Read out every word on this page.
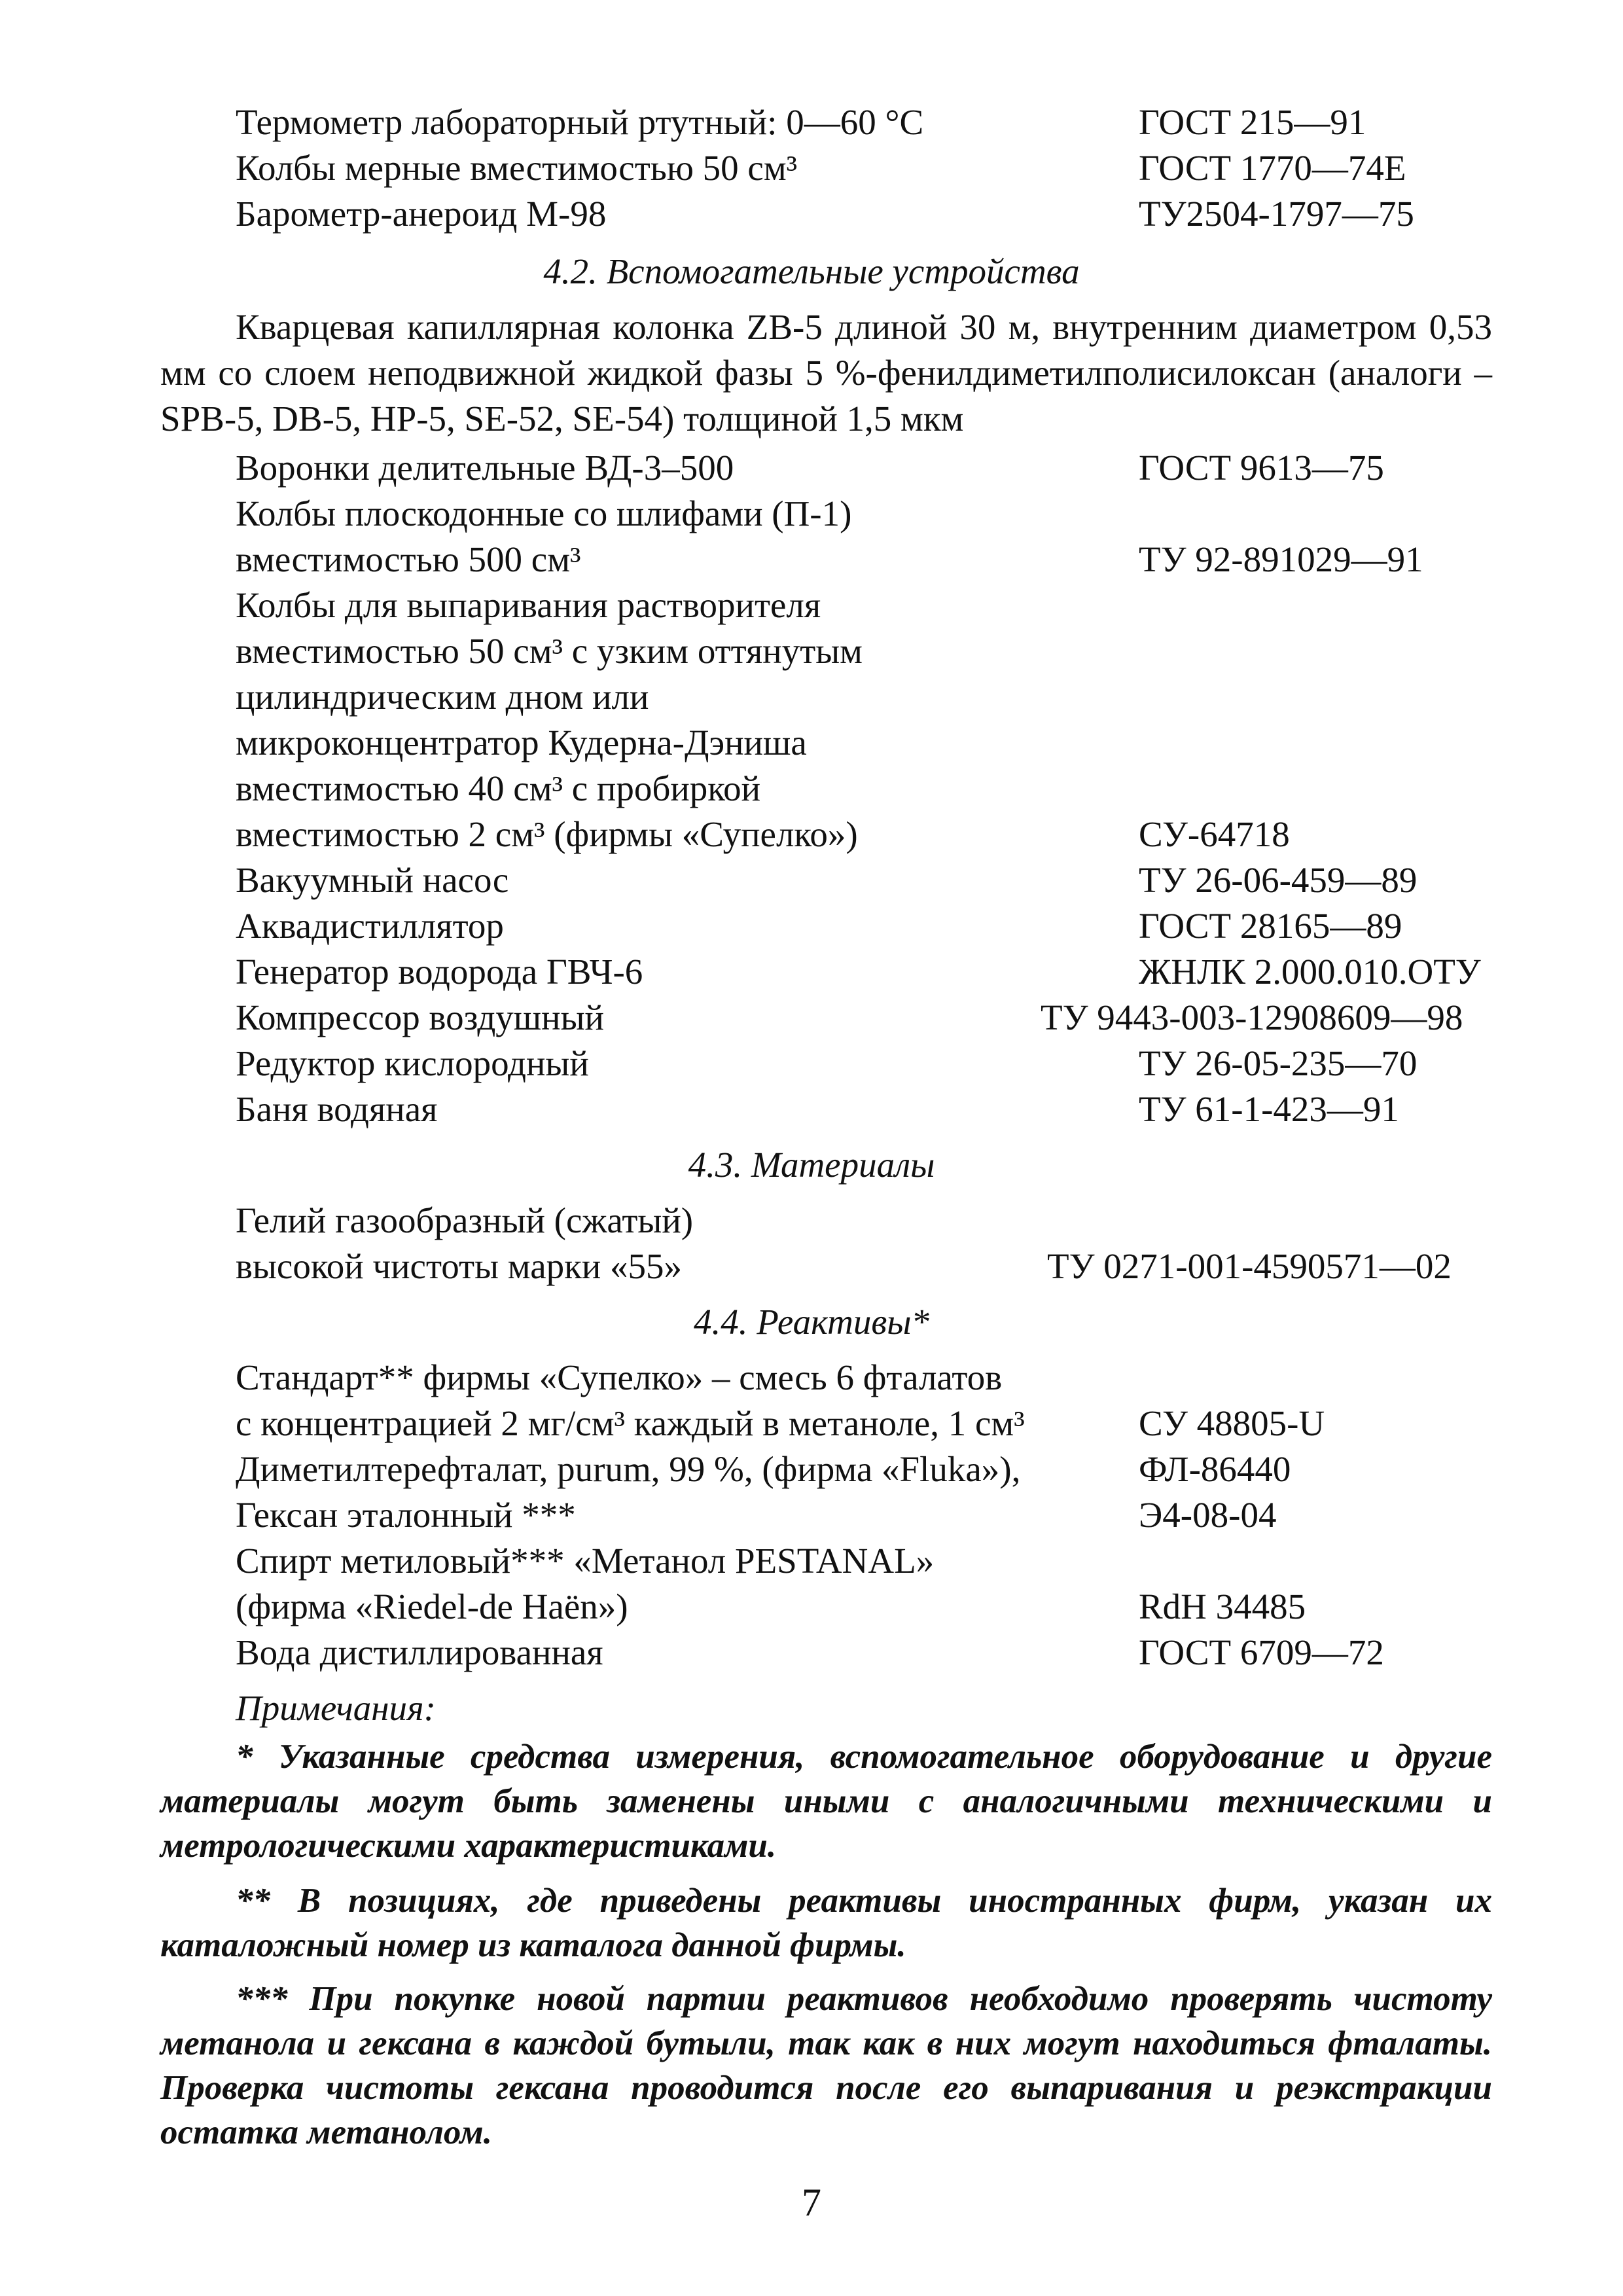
Термометр лабораторный ртутный: 0—60 °С	ГОСТ 215—91
Колбы мерные вместимостью 50 см³	ГОСТ 1770—74Е
Барометр-анероид М-98	ТУ2504-1797—75
4.2. Вспомогательные устройства
Кварцевая капиллярная колонка ZB-5 длиной 30 м, внутренним диаметром 0,53 мм со слоем неподвижной жидкой фазы 5 %-фенилдиметилполисилоксан (аналоги – SPB-5, DB-5, НР-5, SE-52, SE-54) толщиной 1,5 мкм
Воронки делительные ВД-3–500	ГОСТ 9613—75
Колбы плоскодонные со шлифами (П-1)
вместимостью 500 см³	ТУ 92-891029—91
Колбы для выпаривания растворителя
вместимостью 50 см³ с узким оттянутым
цилиндрическим дном или
микроконцентратор Кудерна-Дэниша
вместимостью 40 см³ с пробиркой
вместимостью 2 см³ (фирмы «Супелко»)	СУ-64718
Вакуумный насос	ТУ 26-06-459—89
Аквадистиллятор	ГОСТ 28165—89
Генератор водорода ГВЧ-6	ЖНЛК 2.000.010.ОТУ
Компрессор воздушный	ТУ 9443-003-12908609—98
Редуктор кислородный	ТУ 26-05-235—70
Баня водяная	ТУ 61-1-423—91
4.3. Материалы
Гелий газообразный (сжатый)
высокой чистоты марки «55»	ТУ 0271-001-4590571—02
4.4. Реактивы*
Стандарт** фирмы «Супелко» – смесь 6 фталатов
с концентрацией 2 мг/см³ каждый в метаноле, 1 см³	СУ 48805-U
Диметилтерефталат, purum, 99 %, (фирма «Fluka»),	ФЛ-86440
Гексан эталонный ***	Э4-08-04
Спирт метиловый*** «Метанол PESTANAL»
(фирма «Riedel-de Haën»)	RdH 34485
Вода дистиллированная	ГОСТ 6709—72
Примечания:
* Указанные средства измерения, вспомогательное оборудование и другие материалы могут быть заменены иными с аналогичными техническими и метрологическими характеристиками.
** В позициях, где приведены реактивы иностранных фирм, указан их каталожный номер из каталога данной фирмы.
*** При покупке новой партии реактивов необходимо проверять чистоту метанола и гексана в каждой бутыли, так как в них могут находиться фталаты. Проверка чистоты гексана проводится после его выпаривания и реэкстракции остатка метанолом.
7
